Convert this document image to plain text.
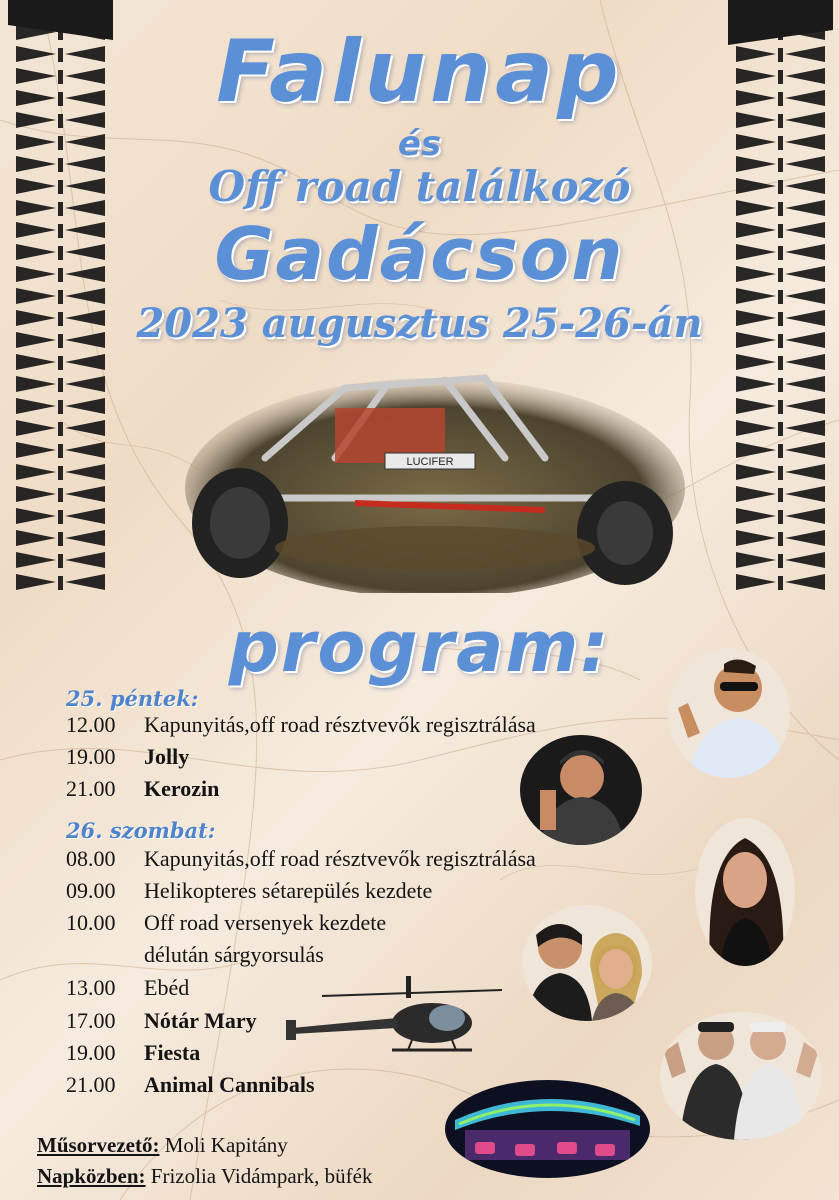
Falunap
és
Off road találkozó
Gadácson
2023 augusztus 25-26-án
LUCIFER
program:
25. péntek:
12.00 Kapunyitás,off road résztvevők regisztrálása
19.00 Jolly
21.00 Kerozin
26. szombat:
08.00 Kapunyitás,off road résztvevők regisztrálása
09.00 Helikopteres sétarepülés kezdete
10.00 Off road versenyek kezdete
délután sárgyorsulás
13.00 Ebéd
17.00 Nótár Mary
19.00 Fiesta
21.00 Animal Cannibals
Műsorvezető: Moli Kapitány
Napközben: Frizolia Vidámpark, büfék
